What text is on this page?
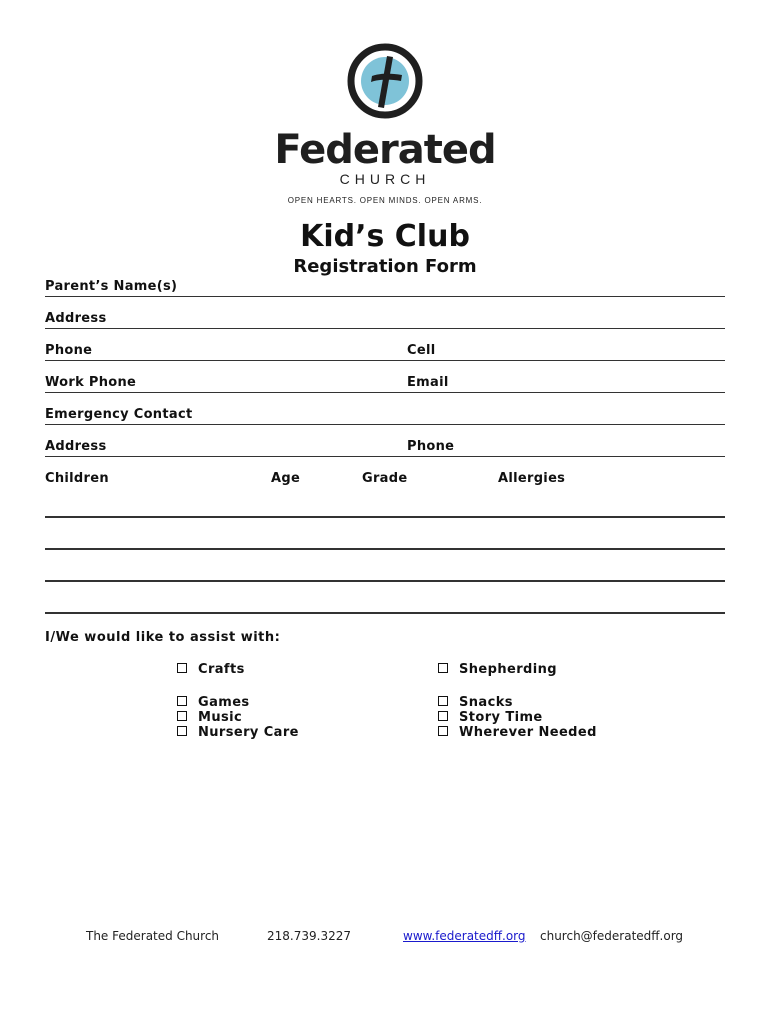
Federated
CHURCH
OPEN HEARTS. OPEN MINDS. OPEN ARMS.
Kid’s Club
Registration Form
Parent’s Name(s)
Address
Phone	Cell
Work Phone	Email
Emergency Contact
Address	Phone
Children	Age	Grade	Allergies
I/We would like to assist with:
Crafts
Games
Music
Nursery Care
Shepherding
Snacks
Story Time
Wherever Needed
The Federated Church	218.739.3227	www.federatedff.org church@federatedff.org
